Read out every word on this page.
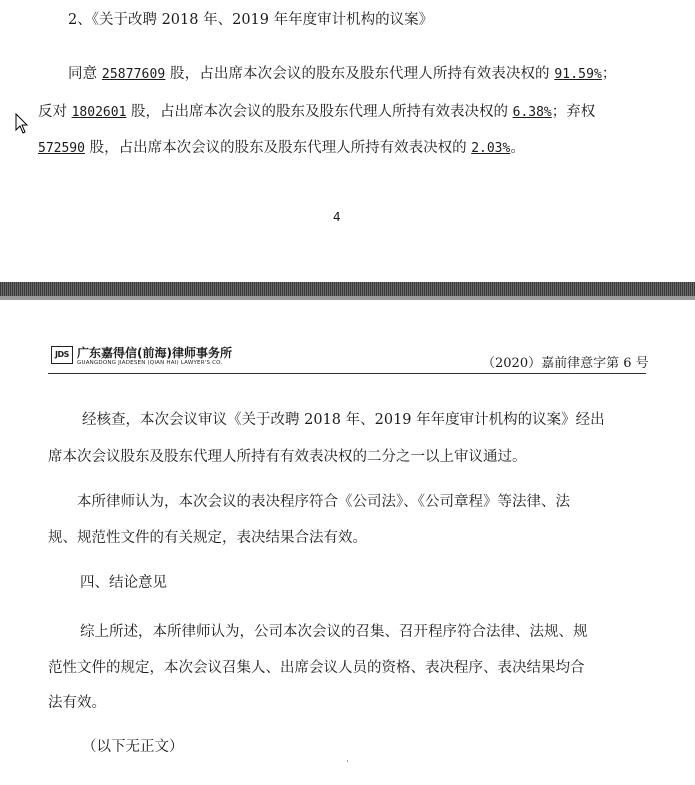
2、《关于改聘 2018 年、2019 年年度审计机构的议案》
同意 25877609 股，占出席本次会议的股东及股东代理人所持有效表决权的 91.59%；
反对 1802601 股，占出席本次会议的股东及股东代理人所持有效表决权的 6.38%；弃权
572590 股，占出席本次会议的股东及股东代理人所持有效表决权的 2.03%。
4
JDS 广东嘉得信(前海)律师事务所
GUANGDONG JIADESEN (QIAN HAI) LAWYER'S CO.	（2020）嘉前律意字第 6 号
经核查，本次会议审议《关于改聘 2018 年、2019 年年度审计机构的议案》经出
席本次会议股东及股东代理人所持有有效表决权的二分之一以上审议通过。
本所律师认为，本次会议的表决程序符合《公司法》、《公司章程》等法律、法
规、规范性文件的有关规定，表决结果合法有效。
四、结论意见
综上所述，本所律师认为，公司本次会议的召集、召开程序符合法律、法规、规
范性文件的规定，本次会议召集人、出席会议人员的资格、表决程序、表决结果均合
法有效。
（以下无正文）
